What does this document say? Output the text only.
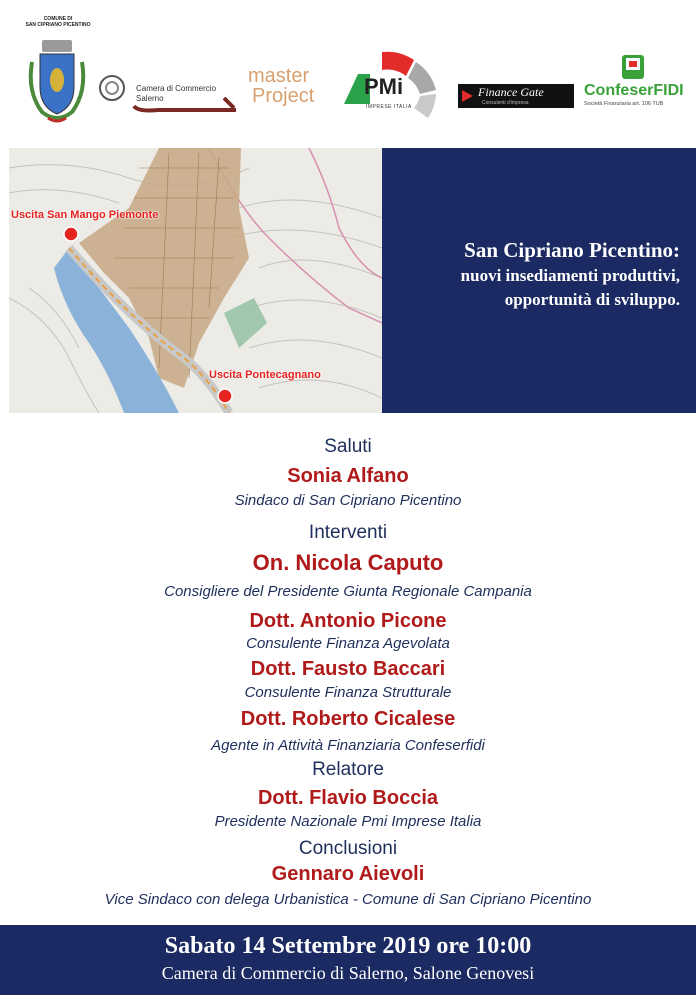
COMUNE DI
SAN CIPRIANO PICENTINO
Camera di Commercio
Salerno
master
Project PMi
IMPRESE ITALIA
Finance Gate
Consulenti d'impresa
ConfeserFIDI
Società Finanziaria art. 106 TUB
Uscita San Mango Piemonte
Uscita Pontecagnano
San Cipriano Picentino:
nuovi insediamenti produttivi,
opportunità di sviluppo.
Saluti
Sonia Alfano
Sindaco di San Cipriano Picentino
Interventi
On. Nicola Caputo
Consigliere del Presidente Giunta Regionale Campania
Dott. Antonio Picone
Consulente Finanza Agevolata
Dott. Fausto Baccari
Consulente Finanza Strutturale
Dott. Roberto Cicalese
Agente in Attività Finanziaria Confeserfidi
Relatore
Dott. Flavio Boccia
Presidente Nazionale Pmi Imprese Italia
Conclusioni
Gennaro Aievoli
Vice Sindaco con delega Urbanistica - Comune di San Cipriano Picentino
Sabato 14 Settembre 2019 ore 10:00
Camera di Commercio di Salerno, Salone Genovesi
